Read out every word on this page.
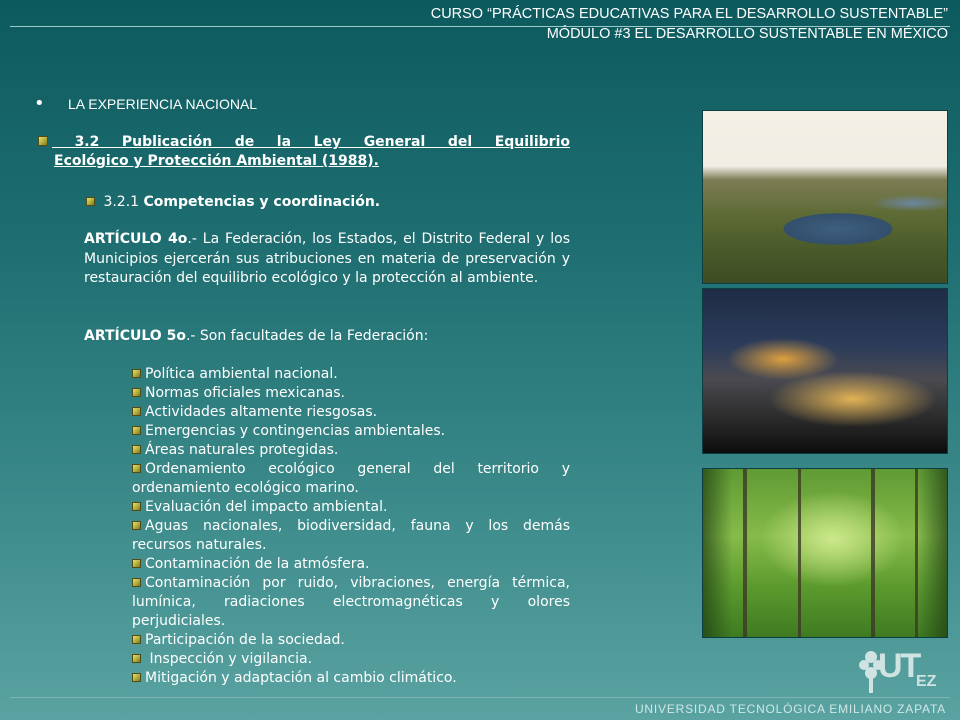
CURSO “PRÁCTICAS EDUCATIVAS PARA EL DESARROLLO SUSTENTABLE”
MÓDULO #3 EL DESARROLLO SUSTENTABLE EN MÉXICO
• LA EXPERIENCIA NACIONAL
3.2 Publicación de la Ley General del Equilibrio
Ecológico y Protección Ambiental (1988).
3.2.1 Competencias y coordinación.
ARTÍCULO 4o.- La Federación, los Estados, el Distrito Federal y los Municipios ejercerán sus atribuciones en materia de preservación y restauración del equilibrio ecológico y la protección al ambiente.
ARTÍCULO 5o.- Son facultades de la Federación:
Política ambiental nacional.
Normas oficiales mexicanas.
Actividades altamente riesgosas.
Emergencias y contingencias ambientales.
Áreas naturales protegidas.
Ordenamiento ecológico general del territorio y ordenamiento ecológico marino.
Evaluación del impacto ambiental.
Aguas nacionales, biodiversidad, fauna y los demás recursos naturales.
Contaminación de la atmósfera.
Contaminación por ruido, vibraciones, energía térmica, lumínica, radiaciones electromagnéticas y olores perjudiciales.
Participación de la sociedad.
Inspección y vigilancia.
Mitigación y adaptación al cambio climático.	UT
EZ
UNIVERSIDAD TECNOLÓGICA EMILIANO ZAPATA
